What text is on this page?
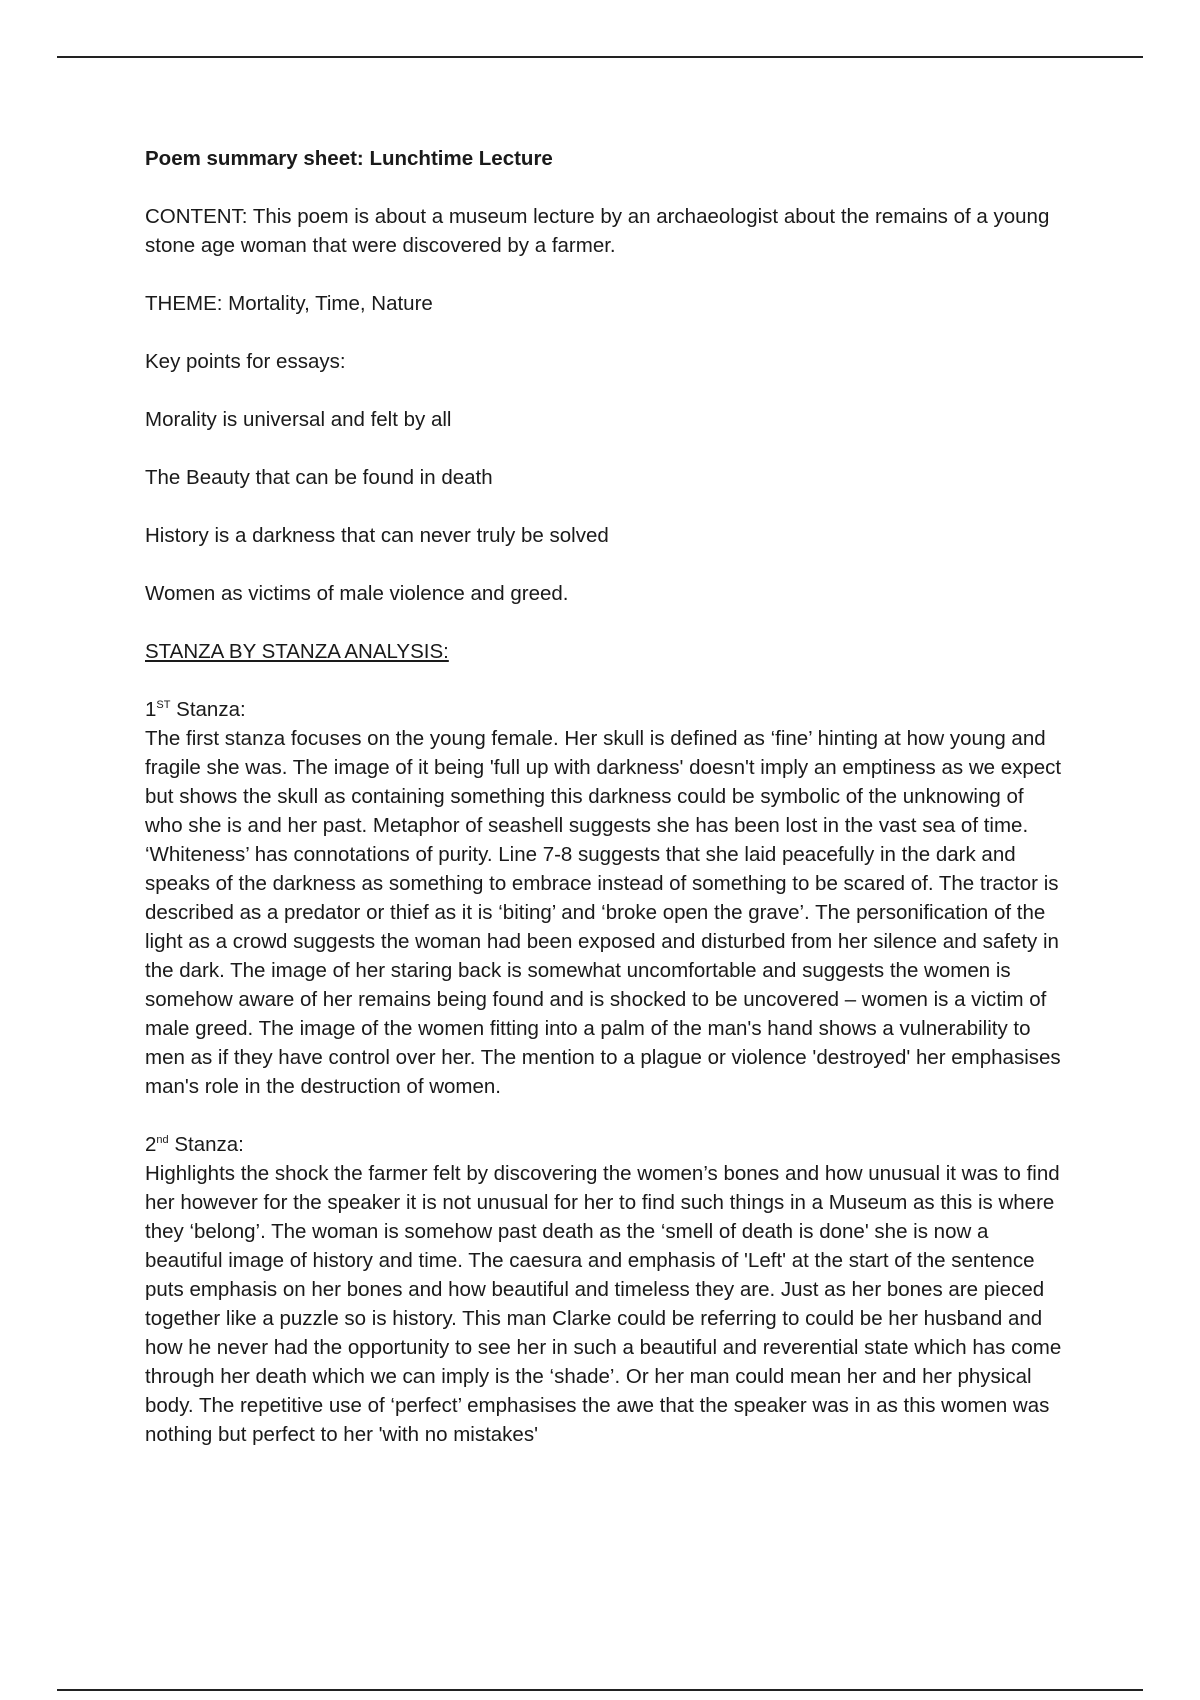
Poem summary sheet: Lunchtime Lecture

CONTENT: This poem is about a museum lecture by an archaeologist about the remains of a young stone age woman that were discovered by a farmer.

THEME: Mortality, Time, Nature

Key points for essays:

Morality is universal and felt by all

The Beauty that can be found in death

History is a darkness that can never truly be solved

Women as victims of male violence and greed.

STANZA BY STANZA ANALYSIS:

1ST Stanza:

The first stanza focuses on the young female. Her skull is defined as ‘fine’ hinting at how young and fragile she was. The image of it being 'full up with darkness' doesn't imply an emptiness as we expect but shows the skull as containing something this darkness could be symbolic of the unknowing of who she is and her past. Metaphor of seashell suggests she has been lost in the vast sea of time. ‘Whiteness’ has connotations of purity. Line 7-8 suggests that she laid peacefully in the dark and speaks of the darkness as something to embrace instead of something to be scared of. The tractor is described as a predator or thief as it is ‘biting’ and ‘broke open the grave’. The personification of the light as a crowd suggests the woman had been exposed and disturbed from her silence and safety in the dark. The image of her staring back is somewhat uncomfortable and suggests the women is somehow aware of her remains being found and is shocked to be uncovered – women is a victim of male greed. The image of the women fitting into a palm of the man's hand shows a vulnerability to men as if they have control over her. The mention to a plague or violence 'destroyed' her emphasises man's role in the destruction of women.

2nd Stanza:

Highlights the shock the farmer felt by discovering the women’s bones and how unusual it was to find her however for the speaker it is not unusual for her to find such things in a Museum as this is where they ‘belong’. The woman is somehow past death as the ‘smell of death is done' she is now a beautiful image of history and time. The caesura and emphasis of 'Left' at the start of the sentence puts emphasis on her bones and how beautiful and timeless they are. Just as her bones are pieced together like a puzzle so is history. This man Clarke could be referring to could be her husband and how he never had the opportunity to see her in such a beautiful and reverential state which has come through her death which we can imply is the ‘shade’. Or her man could mean her and her physical body. The repetitive use of ‘perfect’ emphasises the awe that the speaker was in as this women was nothing but perfect to her 'with no mistakes'
